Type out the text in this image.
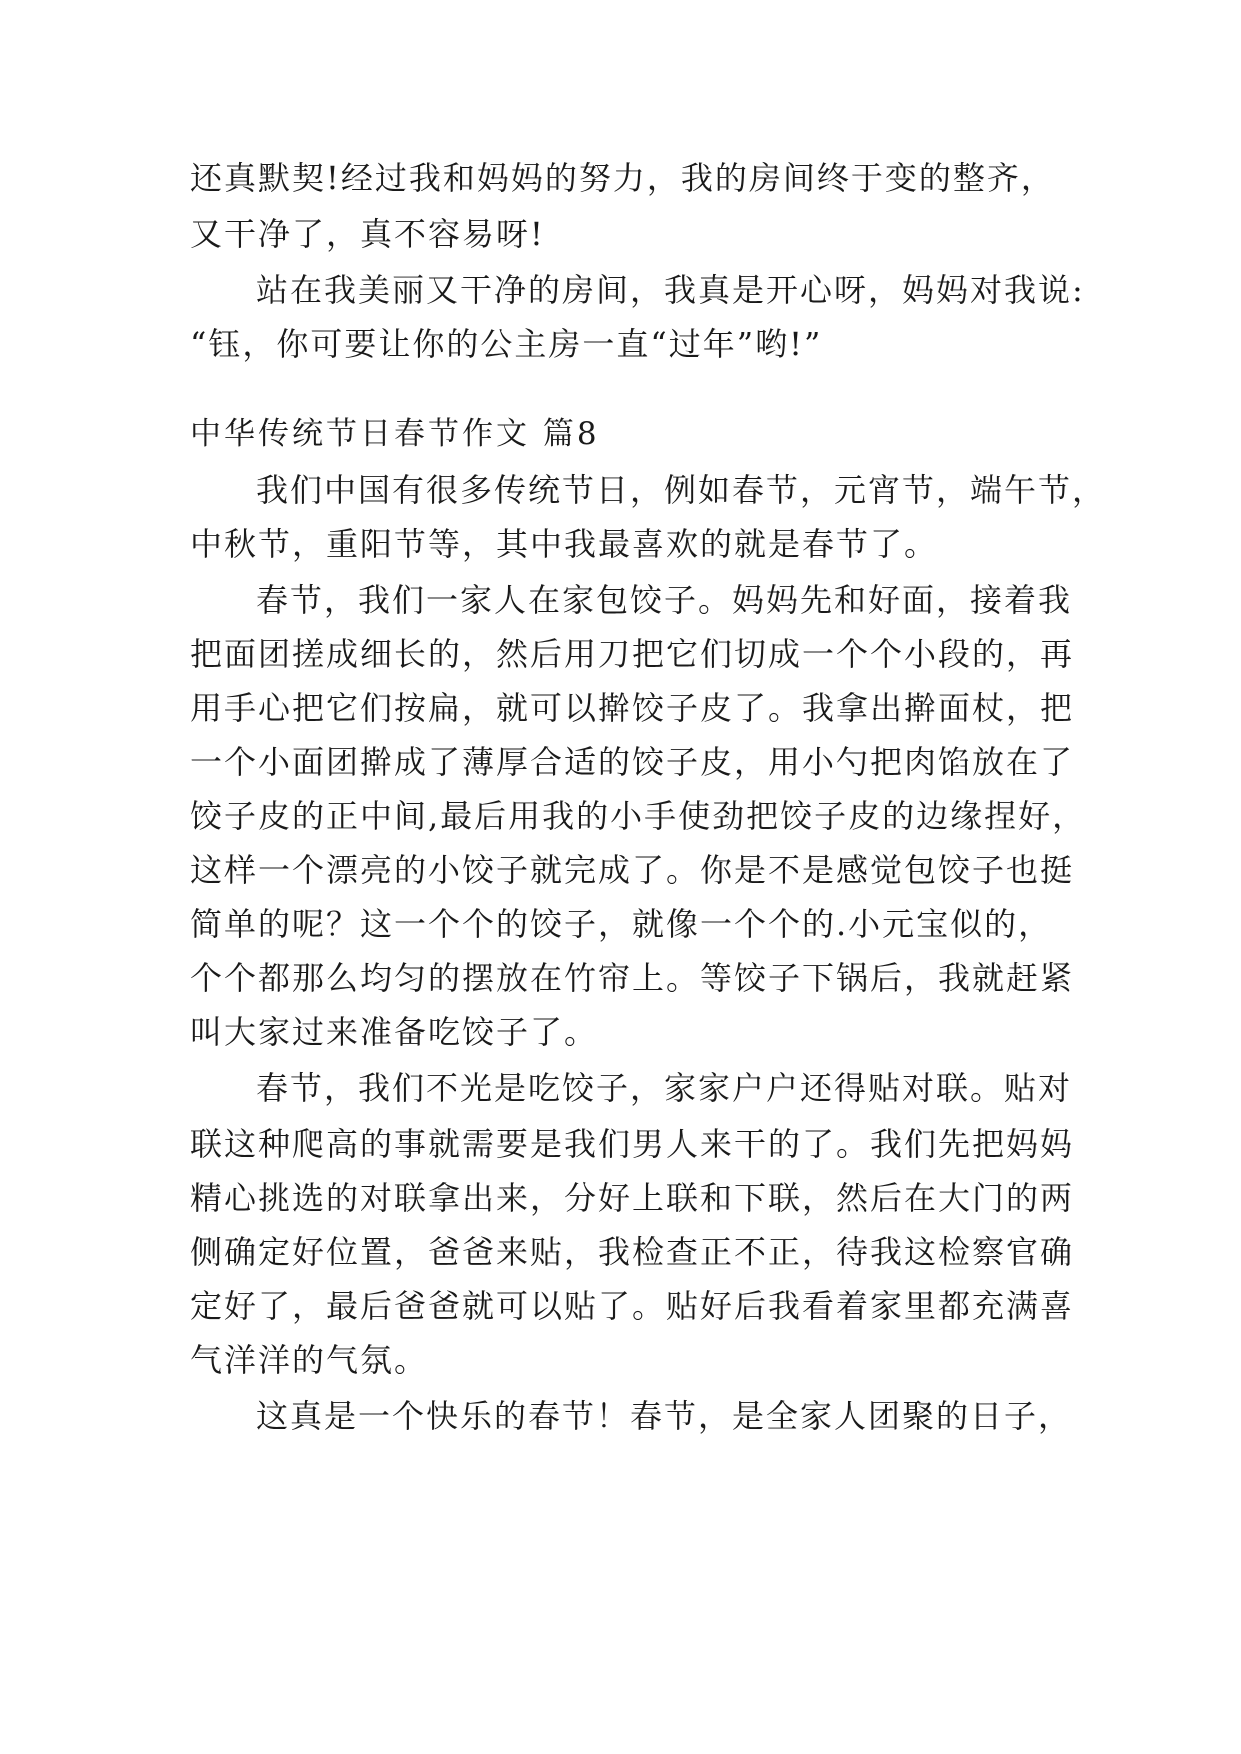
还真默契!经过我和妈妈的努力，我的房间终于变的整齐，
又干净了，真不容易呀!
站在我美丽又干净的房间，我真是开心呀，妈妈对我说:
“钰，你可要让你的公主房一直“过年”哟!”
中华传统节日春节作文 篇8
我们中国有很多传统节日，例如春节，元宵节，端午节，
中秋节，重阳节等，其中我最喜欢的就是春节了。
春节，我们一家人在家包饺子。妈妈先和好面，接着我
把面团搓成细长的，然后用刀把它们切成一个个小段的，再
用手心把它们按扁，就可以擀饺子皮了。我拿出擀面杖，把
一个小面团擀成了薄厚合适的饺子皮，用小勺把肉馅放在了
饺子皮的正中间,最后用我的小手使劲把饺子皮的边缘捏好，
这样一个漂亮的小饺子就完成了。你是不是感觉包饺子也挺
简单的呢？这一个个的饺子，就像一个个的.小元宝似的，
个个都那么均匀的摆放在竹帘上。等饺子下锅后，我就赶紧
叫大家过来准备吃饺子了。
春节，我们不光是吃饺子，家家户户还得贴对联。贴对
联这种爬高的事就需要是我们男人来干的了。我们先把妈妈
精心挑选的对联拿出来，分好上联和下联，然后在大门的两
侧确定好位置，爸爸来贴，我检查正不正，待我这检察官确
定好了，最后爸爸就可以贴了。贴好后我看着家里都充满喜
气洋洋的气氛。
这真是一个快乐的春节！春节，是全家人团聚的日子，
